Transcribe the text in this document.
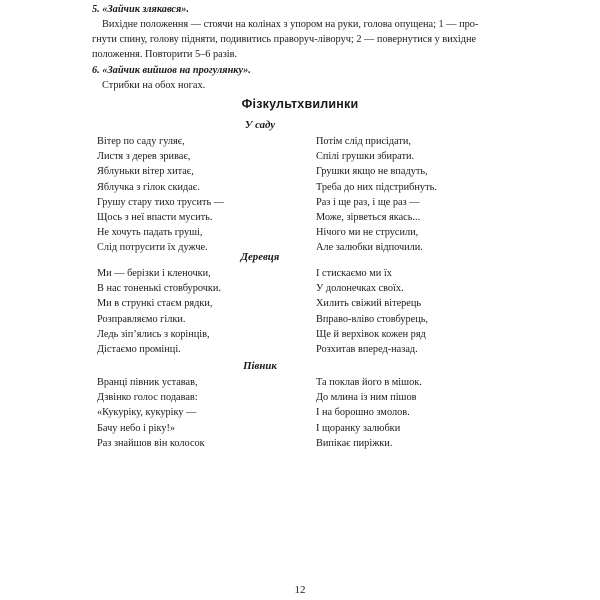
5. «Зайчик злякався».
Вихідне положення — стоячи на колінах з упором на руки, голова опущена; 1 — про-
гнути спину, голову підняти, подивитись праворуч-ліворуч; 2 — повернутися у вихідне
положення. Повторити 5–6 разів.
6. «Зайчик вийшов на прогулянку».
Стрибки на обох ногах.
Фізкультхвилинки
У саду
Вітер по саду гуляє,
Листя з дерев зриває,
Яблуньки вітер хитає,
Яблучка з гілок скидає.
Грушу стару тихо трусить —
Щось з неї впасти мусить.
Не хочуть падать груші,
Слід потрусити їх дужче.
Потім слід присідати,
Спілі грушки збирати.
Грушки якщо не впадуть,
Треба до них підстрибнуть.
Раз і ще раз, і ще раз —
Може, зірветься якась...
Нічого ми не струсили,
Але залюбки відпочили.
Деревця
Ми — берізки і кленочки,
В нас тоненькі стовбурочки.
Ми в стрункі стаєм рядки,
Розправляємо гілки.
Ледь зіп’ялись з корінців,
Дістаємо промінці.
І стискаємо ми їх
У долонечках своїх.
Хилить свіжий вітерець
Вправо-вліво стовбурець,
Ще й верхівок кожен ряд
Розхитав вперед-назад.
Півник
Вранці півник уставав,
Дзвінко голос подавав:
«Кукуріку, кукуріку —
Бачу небо і ріку!»
Раз знайшов він колосок
Та поклав його в мішок.
До млина із ним пішов
І на борошно змолов.
І щоранку залюбки
Випікає пиріжки.
12
